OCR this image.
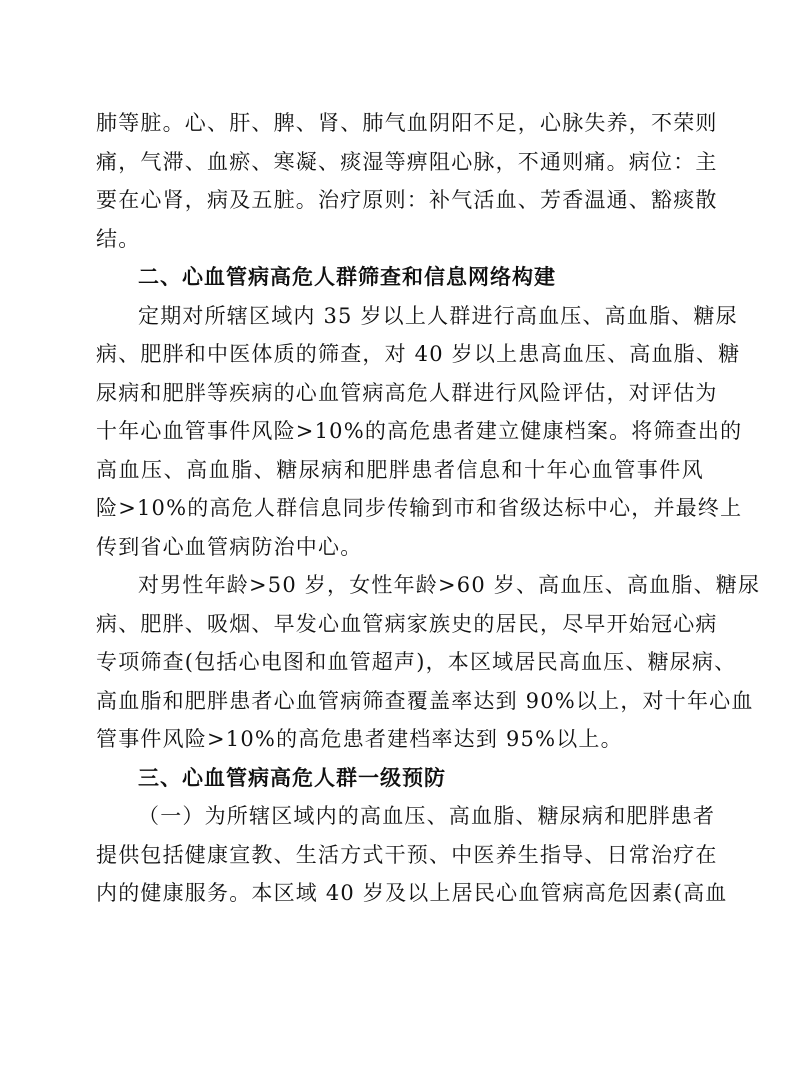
肺等脏。心、肝、脾、肾、肺气血阴阳不足，心脉失养，不荣则
痛，气滞、血瘀、寒凝、痰湿等痹阻心脉，不通则痛。病位：主
要在心肾，病及五脏。治疗原则：补气活血、芳香温通、豁痰散
结。

二、心血管病高危人群筛查和信息网络构建

定期对所辖区域内 35 岁以上人群进行高血压、高血脂、糖尿
病、肥胖和中医体质的筛查，对 40 岁以上患高血压、高血脂、糖
尿病和肥胖等疾病的心血管病高危人群进行风险评估，对评估为
十年心血管事件风险>10%的高危患者建立健康档案。将筛查出的
高血压、高血脂、糖尿病和肥胖患者信息和十年心血管事件风
险>10%的高危人群信息同步传输到市和省级达标中心，并最终上
传到省心血管病防治中心。

对男性年龄>50 岁，女性年龄>60 岁、高血压、高血脂、糖尿
病、肥胖、吸烟、早发心血管病家族史的居民，尽早开始冠心病
专项筛查(包括心电图和血管超声)，本区域居民高血压、糖尿病、
高血脂和肥胖患者心血管病筛查覆盖率达到 90%以上，对十年心血
管事件风险>10%的高危患者建档率达到 95%以上。

三、心血管病高危人群一级预防

（一）为所辖区域内的高血压、高血脂、糖尿病和肥胖患者
提供包括健康宣教、生活方式干预、中医养生指导、日常治疗在
内的健康服务。本区域 40 岁及以上居民心血管病高危因素(高血
